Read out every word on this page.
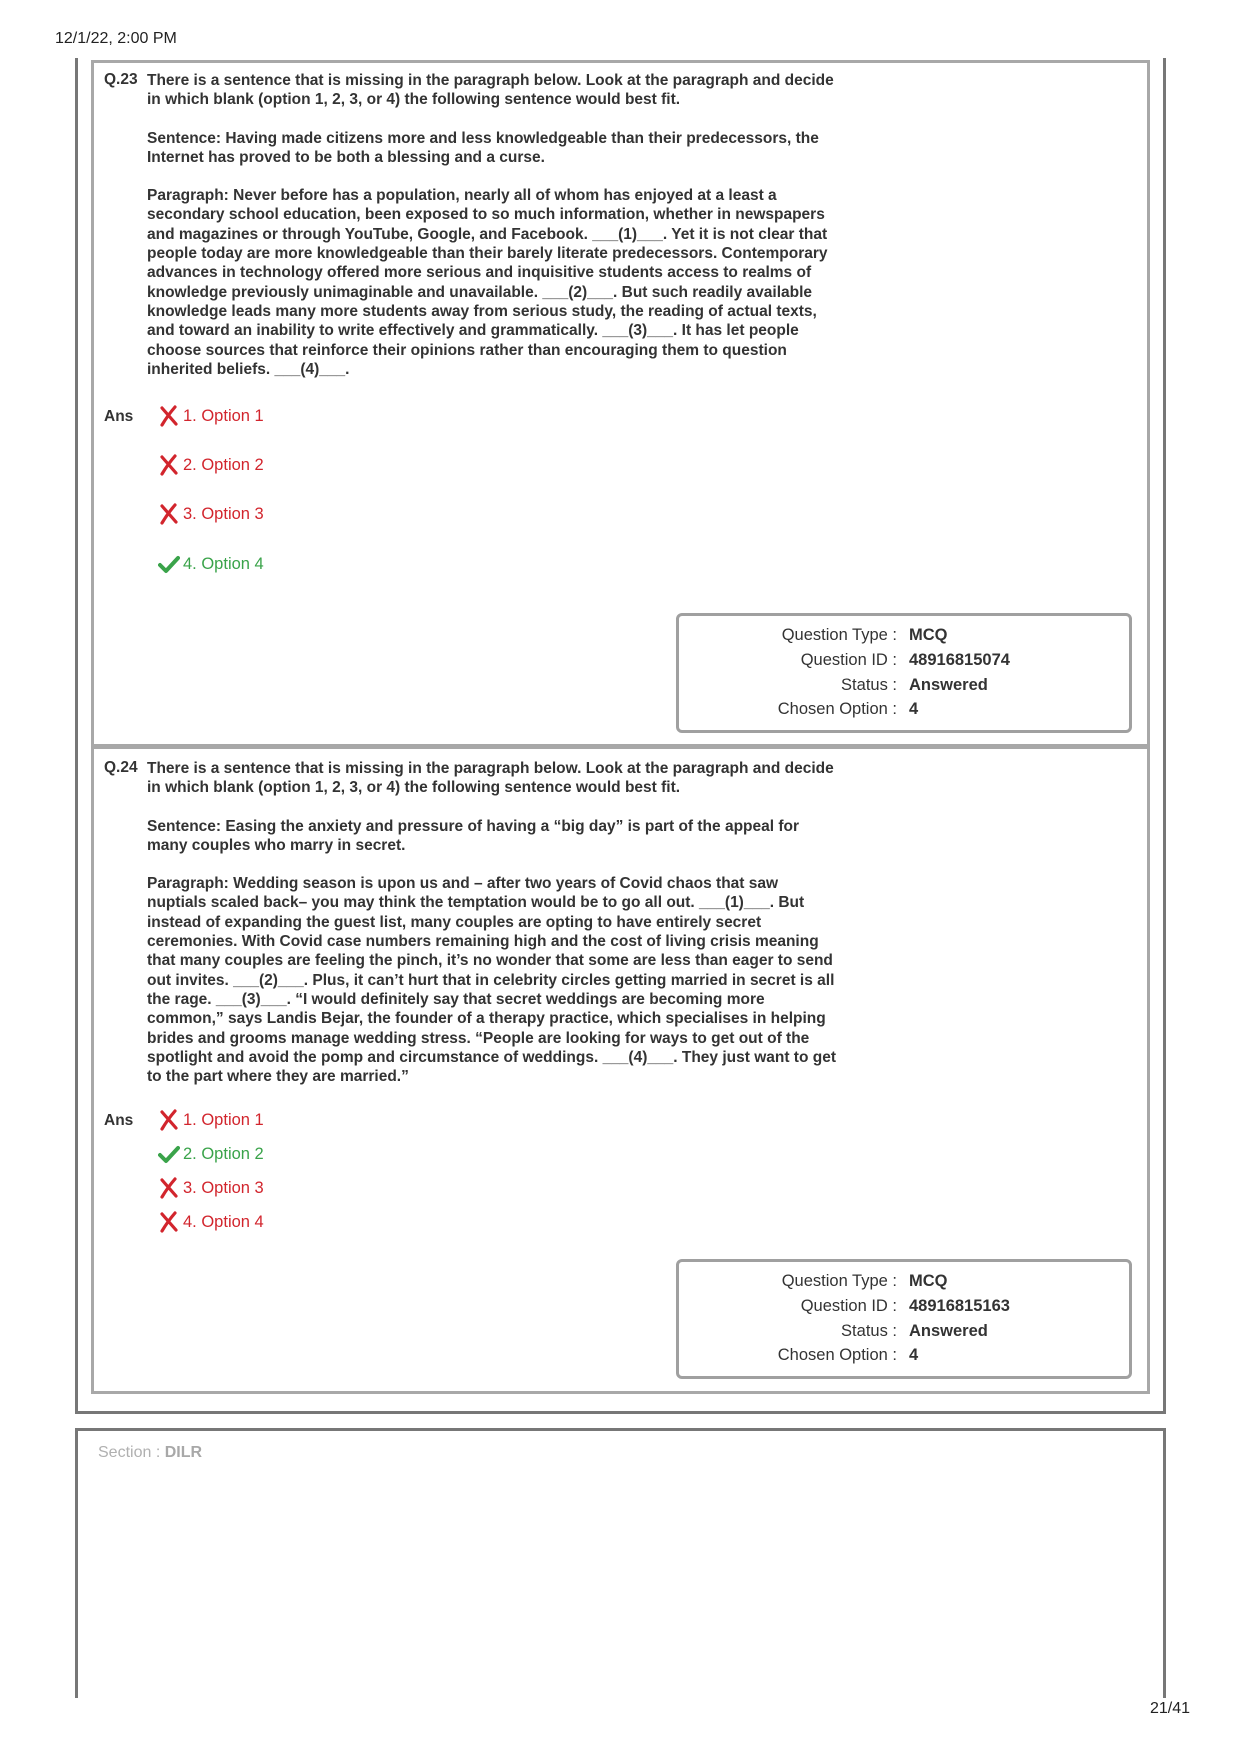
12/1/22, 2:00 PM
Q.23 There is a sentence that is missing in the paragraph below. Look at the paragraph and decide in which blank (option 1, 2, 3, or 4) the following sentence would best fit.

Sentence: Having made citizens more and less knowledgeable than their predecessors, the Internet has proved to be both a blessing and a curse.

Paragraph: Never before has a population, nearly all of whom has enjoyed at a least a secondary school education, been exposed to so much information, whether in newspapers and magazines or through YouTube, Google, and Facebook. ___(1)___. Yet it is not clear that people today are more knowledgeable than their barely literate predecessors. Contemporary advances in technology offered more serious and inquisitive students access to realms of knowledge previously unimaginable and unavailable. ___(2)___. But such readily available knowledge leads many more students away from serious study, the reading of actual texts, and toward an inability to write effectively and grammatically. ___(3)___. It has let people choose sources that reinforce their opinions rather than encouraging them to question inherited beliefs. ___(4)___.

Ans	1. Option 1
2. Option 2
3. Option 3
4. Option 4
Question Type : MCQ
Question ID : 48916815074
Status : Answered
Chosen Option : 4
Q.24 There is a sentence that is missing in the paragraph below. Look at the paragraph and decide in which blank (option 1, 2, 3, or 4) the following sentence would best fit.

Sentence: Easing the anxiety and pressure of having a “big day” is part of the appeal for many couples who marry in secret.

Paragraph: Wedding season is upon us and – after two years of Covid chaos that saw nuptials scaled back– you may think the temptation would be to go all out. ___(1)___. But instead of expanding the guest list, many couples are opting to have entirely secret ceremonies. With Covid case numbers remaining high and the cost of living crisis meaning that many couples are feeling the pinch, it’s no wonder that some are less than eager to send out invites. ___(2)___. Plus, it can’t hurt that in celebrity circles getting married in secret is all the rage. ___(3)___. “I would definitely say that secret weddings are becoming more common,” says Landis Bejar, the founder of a therapy practice, which specialises in helping brides and grooms manage wedding stress. “People are looking for ways to get out of the spotlight and avoid the pomp and circumstance of weddings. ___(4)___. They just want to get to the part where they are married.”

Ans	1. Option 1
2. Option 2
3. Option 3
4. Option 4
Question Type : MCQ
Question ID : 48916815163
Status : Answered
Chosen Option : 4
Section : DILR
21/41
